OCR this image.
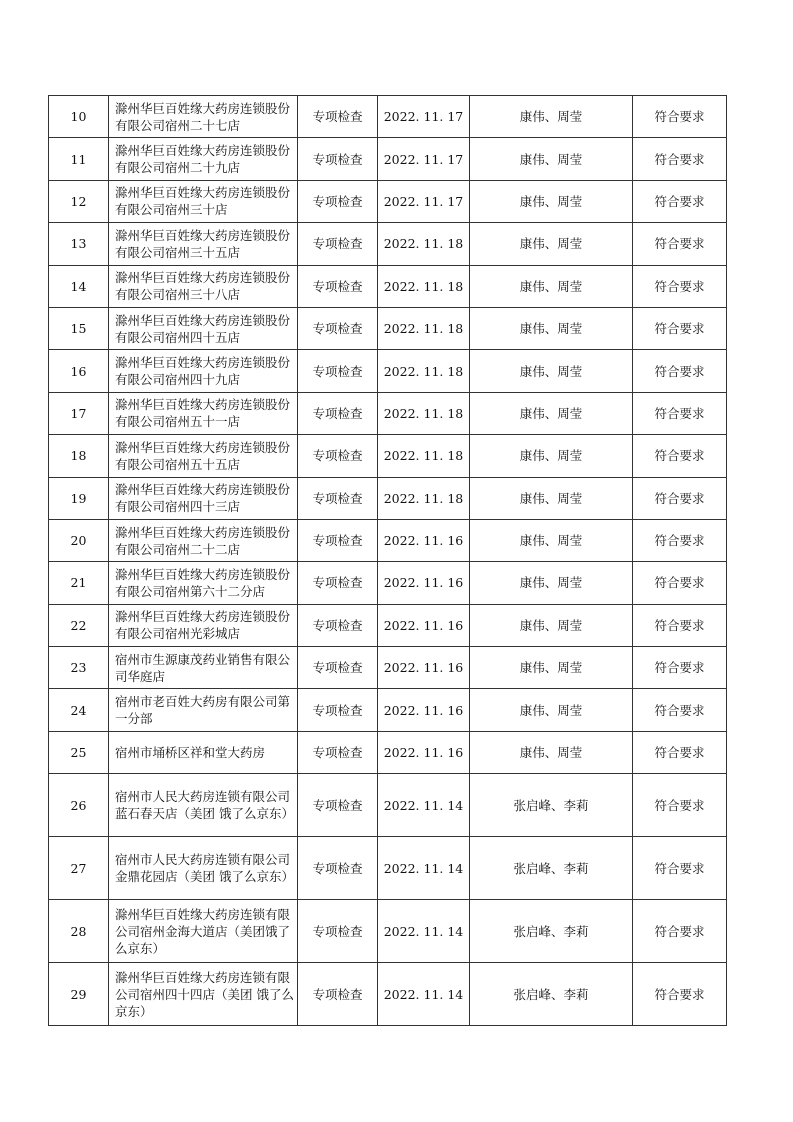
10	滁州华巨百姓缘大药房连锁股份有限公司宿州二十七店	专项检查	2022. 11. 17	康伟、周莹	符合要求
11	滁州华巨百姓缘大药房连锁股份有限公司宿州二十九店	专项检查	2022. 11. 17	康伟、周莹	符合要求
12	滁州华巨百姓缘大药房连锁股份有限公司宿州三十店	专项检查	2022. 11. 17	康伟、周莹	符合要求
13	滁州华巨百姓缘大药房连锁股份有限公司宿州三十五店	专项检查	2022. 11. 18	康伟、周莹	符合要求
14	滁州华巨百姓缘大药房连锁股份有限公司宿州三十八店	专项检查	2022. 11. 18	康伟、周莹	符合要求
15	滁州华巨百姓缘大药房连锁股份有限公司宿州四十五店	专项检查	2022. 11. 18	康伟、周莹	符合要求
16	滁州华巨百姓缘大药房连锁股份有限公司宿州四十九店	专项检查	2022. 11. 18	康伟、周莹	符合要求
17	滁州华巨百姓缘大药房连锁股份有限公司宿州五十一店	专项检查	2022. 11. 18	康伟、周莹	符合要求
18	滁州华巨百姓缘大药房连锁股份有限公司宿州五十五店	专项检查	2022. 11. 18	康伟、周莹	符合要求
19	滁州华巨百姓缘大药房连锁股份有限公司宿州四十三店	专项检查	2022. 11. 18	康伟、周莹	符合要求
20	滁州华巨百姓缘大药房连锁股份有限公司宿州二十二店	专项检查	2022. 11. 16	康伟、周莹	符合要求
21	滁州华巨百姓缘大药房连锁股份有限公司宿州第六十二分店	专项检查	2022. 11. 16	康伟、周莹	符合要求
22	滁州华巨百姓缘大药房连锁股份有限公司宿州光彩城店	专项检查	2022. 11. 16	康伟、周莹	符合要求
23	宿州市生源康茂药业销售有限公司华庭店	专项检查	2022. 11. 16	康伟、周莹	符合要求
24	宿州市老百姓大药房有限公司第一分部	专项检查	2022. 11. 16	康伟、周莹	符合要求
25	宿州市埇桥区祥和堂大药房	专项检查	2022. 11. 16	康伟、周莹	符合要求
26	宿州市人民大药房连锁有限公司蓝石春天店（美团 饿了么京东）	专项检查	2022. 11. 14	张启峰、李莉	符合要求
27	宿州市人民大药房连锁有限公司金鼎花园店（美团 饿了么京东）	专项检查	2022. 11. 14	张启峰、李莉	符合要求
28	滁州华巨百姓缘大药房连锁有限公司宿州金海大道店（美团饿了么京东）	专项检查	2022. 11. 14	张启峰、李莉	符合要求
29	滁州华巨百姓缘大药房连锁有限公司宿州四十四店（美团 饿了么京东）	专项检查	2022. 11. 14	张启峰、李莉	符合要求
